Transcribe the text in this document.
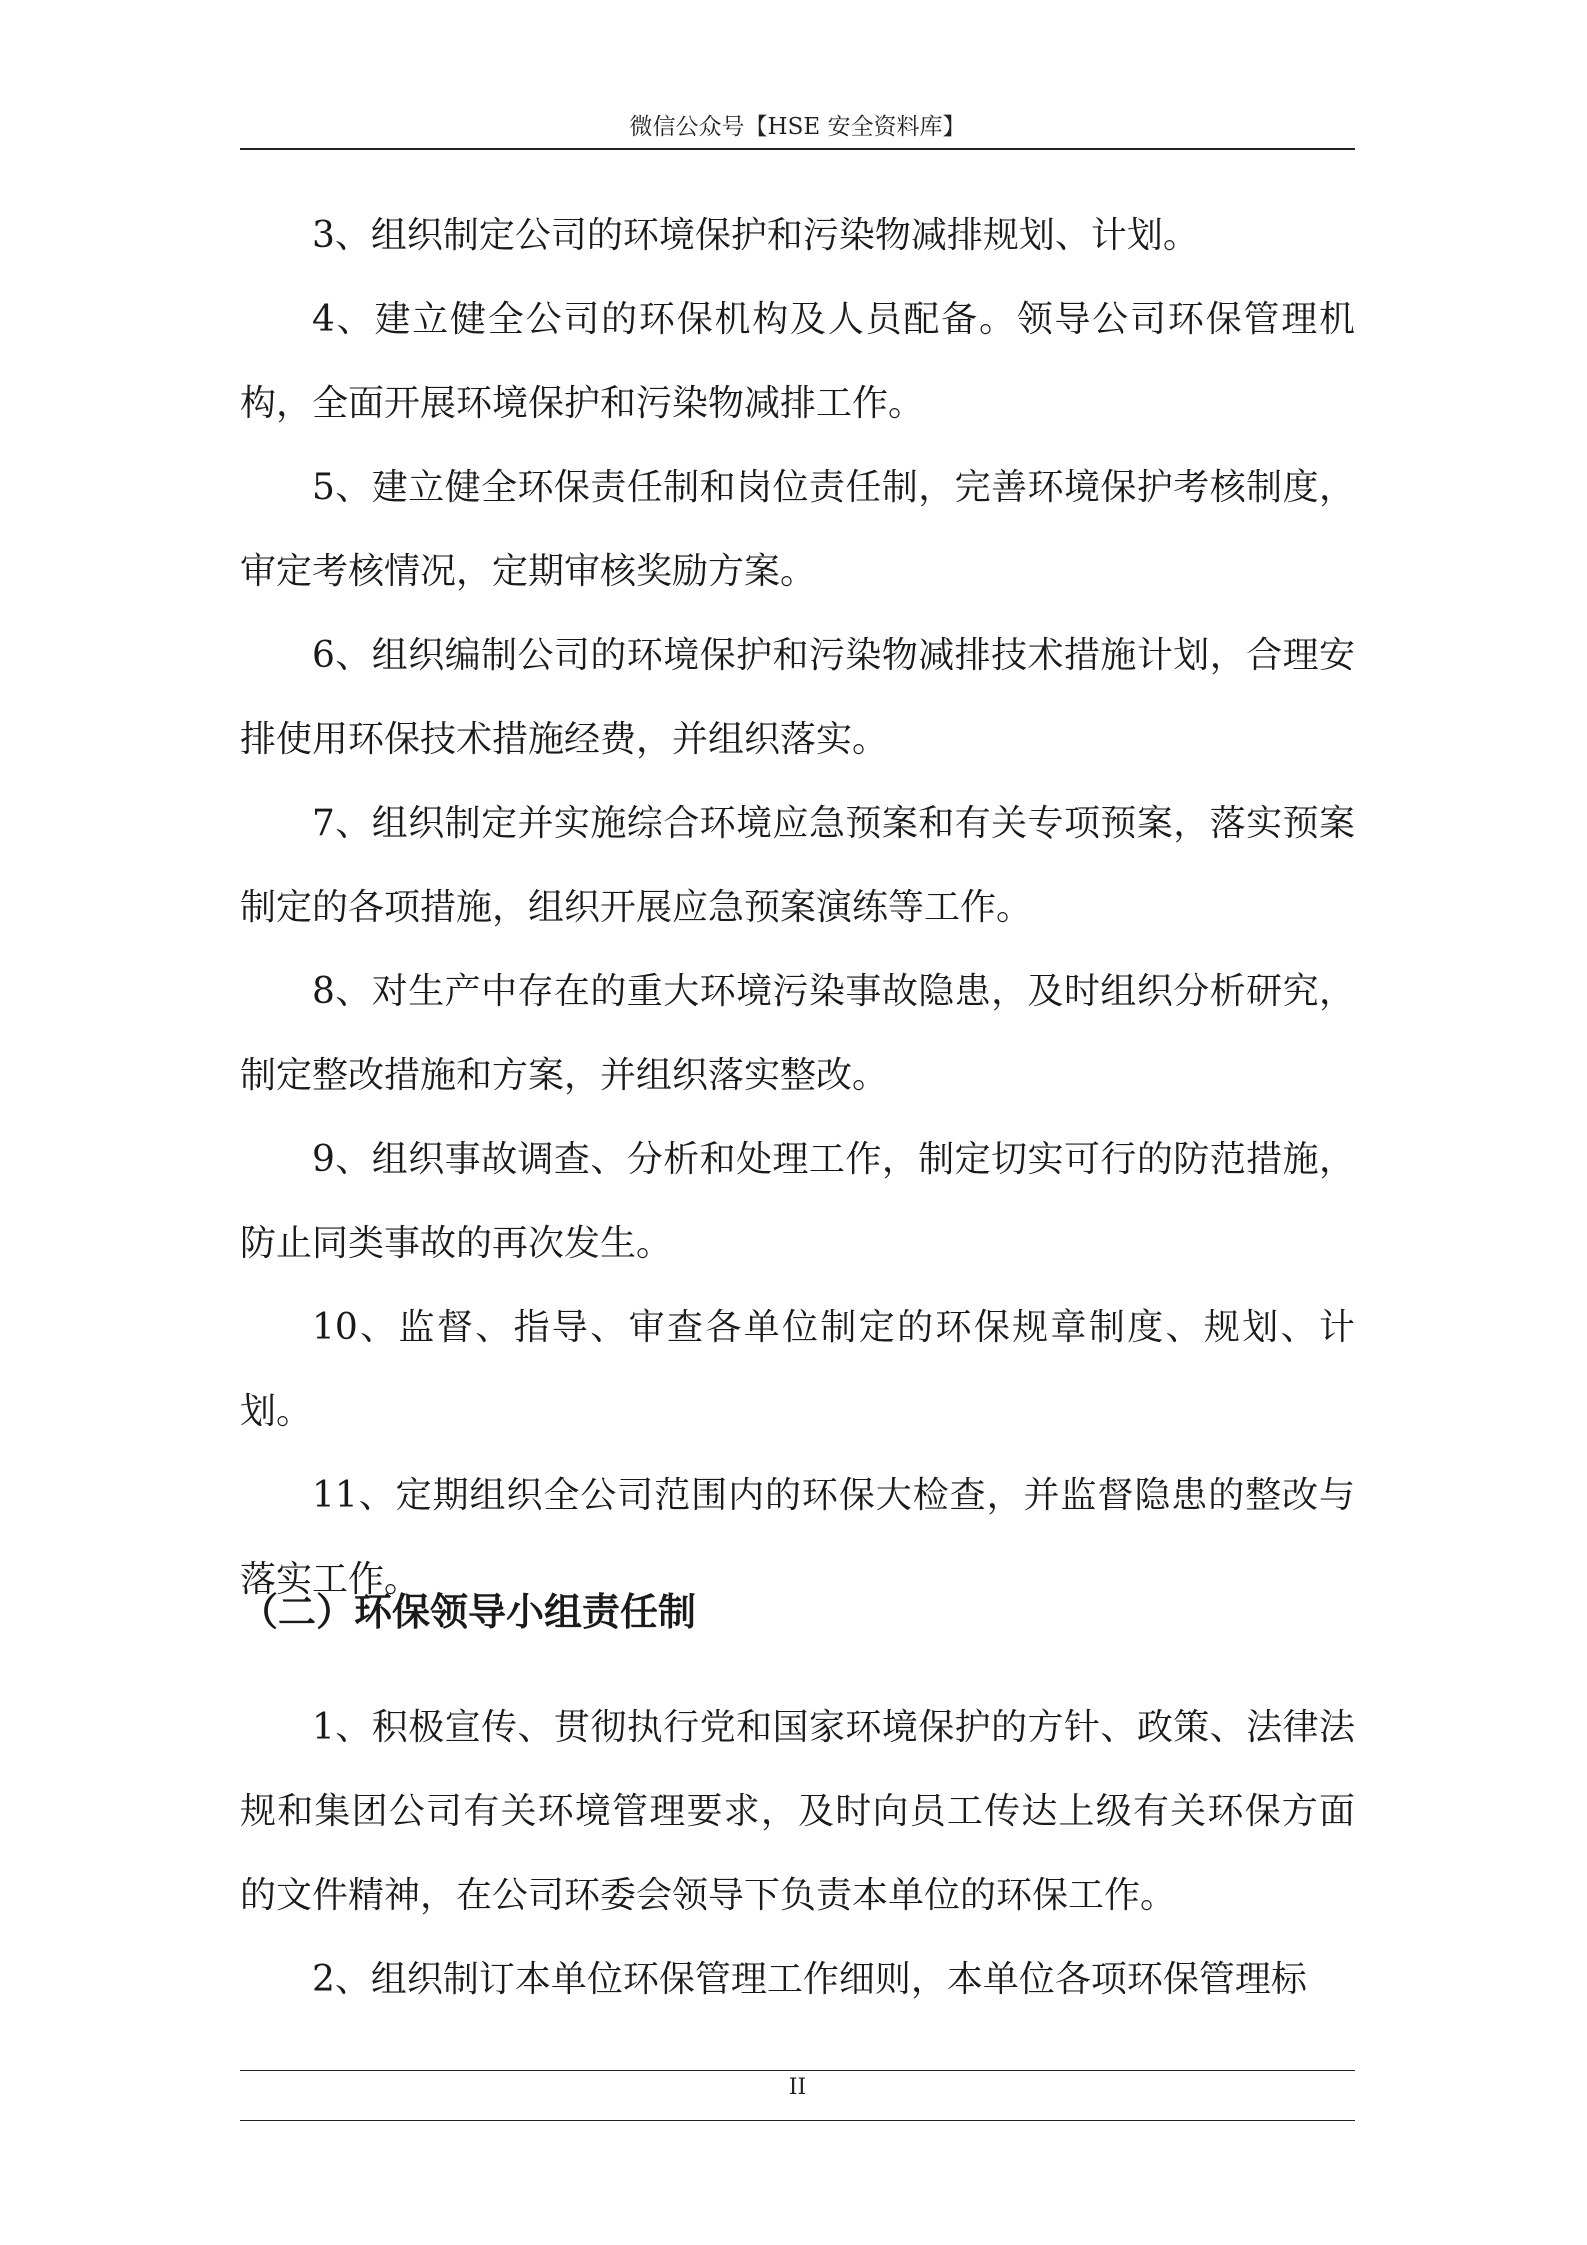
微信公众号【HSE 安全资料库】

3、组织制定公司的环境保护和污染物减排规划、计划。

4、建立健全公司的环保机构及人员配备。领导公司环保管理机构，全面开展环境保护和污染物减排工作。

5、建立健全环保责任制和岗位责任制，完善环境保护考核制度，审定考核情况，定期审核奖励方案。

6、组织编制公司的环境保护和污染物减排技术措施计划，合理安排使用环保技术措施经费，并组织落实。

7、组织制定并实施综合环境应急预案和有关专项预案，落实预案制定的各项措施，组织开展应急预案演练等工作。

8、对生产中存在的重大环境污染事故隐患，及时组织分析研究，制定整改措施和方案，并组织落实整改。

9、组织事故调查、分析和处理工作，制定切实可行的防范措施，防止同类事故的再次发生。

10、监督、指导、审查各单位制定的环保规章制度、规划、计划。

11、定期组织全公司范围内的环保大检查，并监督隐患的整改与落实工作。

（二）环保领导小组责任制

1、积极宣传、贯彻执行党和国家环境保护的方针、政策、法律法规和集团公司有关环境管理要求，及时向员工传达上级有关环保方面的文件精神，在公司环委会领导下负责本单位的环保工作。

2、组织制订本单位环保管理工作细则，本单位各项环保管理标

II
